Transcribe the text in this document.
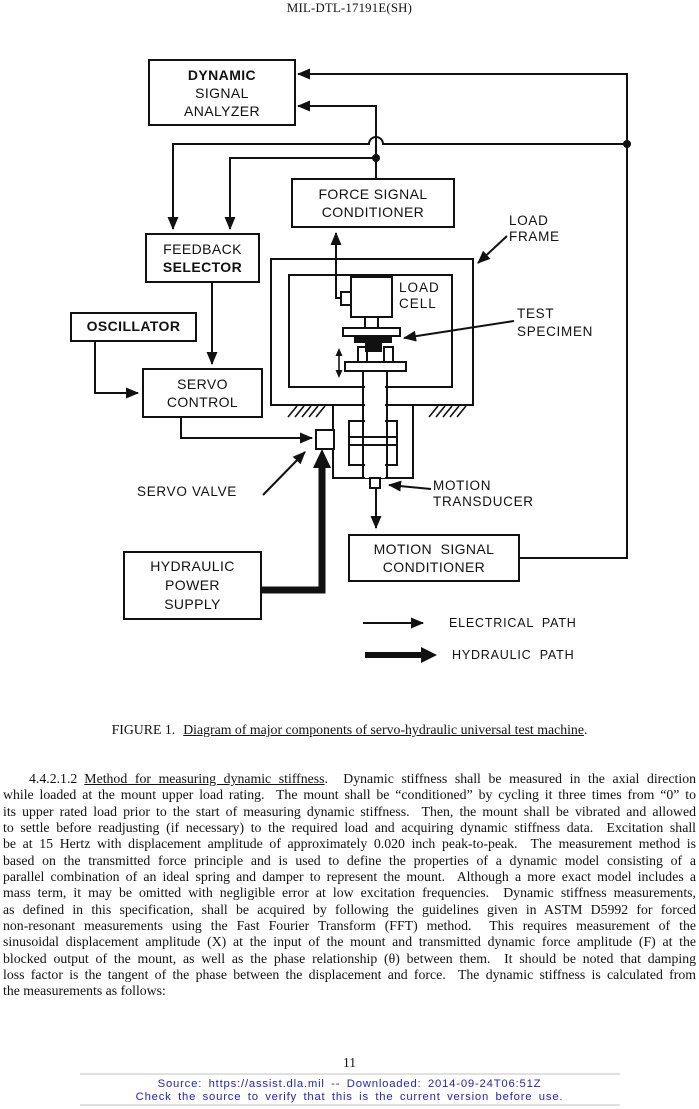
MIL-DTL-17191E(SH)
DYNAMIC
SIGNAL
ANALYZER
FORCE SIGNAL
CONDITIONER
FEEDBACK
SELECTOR
OSCILLATOR
SERVO
CONTROL
HYDRAULIC
POWER
SUPPLY
MOTION  SIGNAL
CONDITIONER
LOAD
CELL
LOAD
FRAME
TEST
SPECIMEN
SERVO VALVE	MOTION
TRANSDUCER
ELECTRICAL PATH
HYDRAULIC PATH
FIGURE 1. Diagram of major components of servo-hydraulic universal test machine.
4.4.2.1.2 Method for measuring dynamic stiffness.  Dynamic stiffness shall be measured in the axial direction
while loaded at the mount upper load rating.  The mount shall be “conditioned” by cycling it three times from “0” to
its upper rated load prior to the start of measuring dynamic stiffness.  Then, the mount shall be vibrated and allowed
to settle before readjusting (if necessary) to the required load and acquiring dynamic stiffness data.  Excitation shall
be at 15 Hertz with displacement amplitude of approximately 0.020 inch peak-to-peak.  The measurement method is
based on the transmitted force principle and is used to define the properties of a dynamic model consisting of a
parallel combination of an ideal spring and damper to represent the mount.  Although a more exact model includes a
mass term, it may be omitted with negligible error at low excitation frequencies.  Dynamic stiffness measurements,
as defined in this specification, shall be acquired by following the guidelines given in ASTM D5992 for forced
non-resonant measurements using the Fast Fourier Transform (FFT) method.  This requires measurement of the
sinusoidal displacement amplitude (X) at the input of the mount and transmitted dynamic force amplitude (F) at the
blocked output of the mount, as well as the phase relationship (θ) between them.  It should be noted that damping
loss factor is the tangent of the phase between the displacement and force.  The dynamic stiffness is calculated from
the measurements as follows:
11
Source: https://assist.dla.mil -- Downloaded: 2014-09-24T06:51Z
Check the source to verify that this is the current version before use.
